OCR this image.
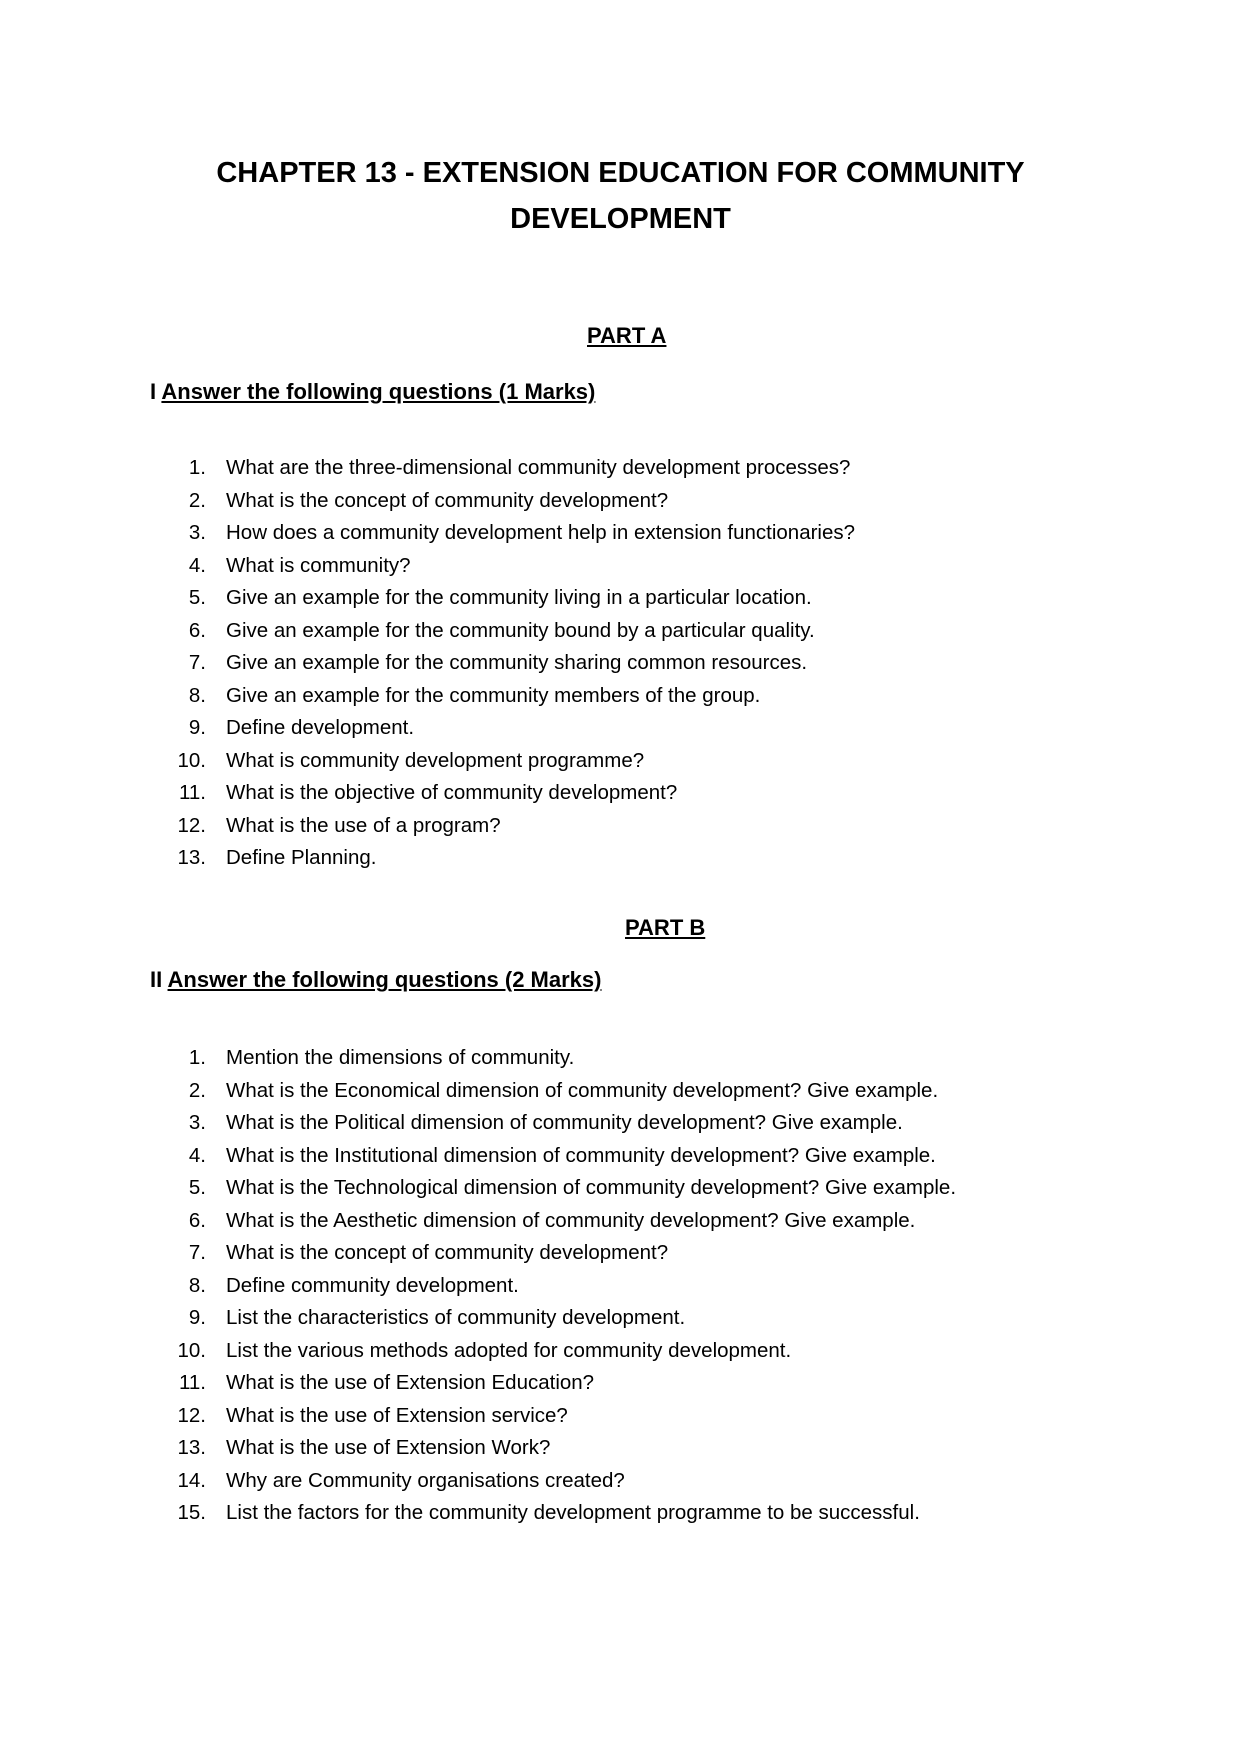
CHAPTER 13 - EXTENSION EDUCATION FOR COMMUNITY DEVELOPMENT
PART A
I Answer the following questions (1 Marks)
1. What are the three-dimensional community development processes?
2. What is the concept of community development?
3. How does a community development help in extension functionaries?
4. What is community?
5. Give an example for the community living in a particular location.
6. Give an example for the community bound by a particular quality.
7. Give an example for the community sharing common resources.
8. Give an example for the community members of the group.
9. Define development.
10. What is community development programme?
11. What is the objective of community development?
12. What is the use of a program?
13. Define Planning.
PART B
II Answer the following questions (2 Marks)
1. Mention the dimensions of community.
2. What is the Economical dimension of community development? Give example.
3. What is the Political dimension of community development? Give example.
4. What is the Institutional dimension of community development? Give example.
5. What is the Technological dimension of community development? Give example.
6. What is the Aesthetic dimension of community development? Give example.
7. What is the concept of community development?
8. Define community development.
9. List the characteristics of community development.
10. List the various methods adopted for community development.
11. What is the use of Extension Education?
12. What is the use of Extension service?
13. What is the use of Extension Work?
14. Why are Community organisations created?
15. List the factors for the community development programme to be successful.
